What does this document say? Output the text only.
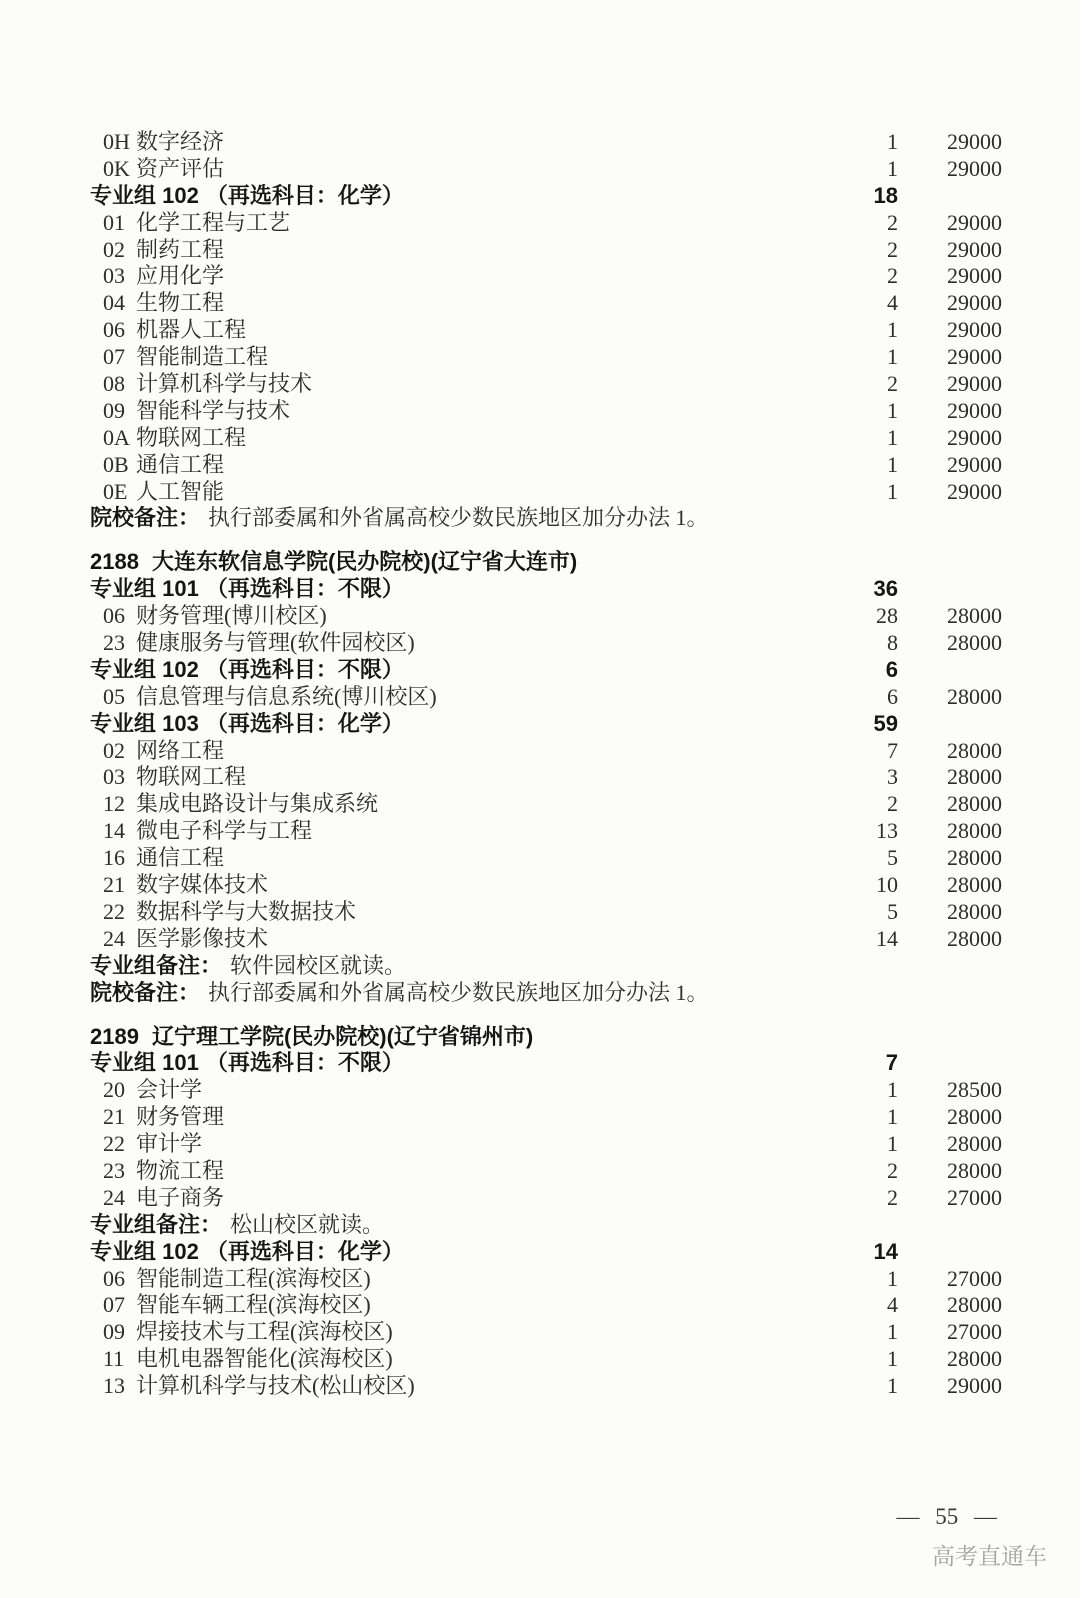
0H 数字经济	1	29000
0K 资产评估	1	29000
专业组 102 （再选科目：化学）	18
01 化学工程与工艺	2	29000
02 制药工程	2	29000
03 应用化学	2	29000
04 生物工程	4	29000
06 机器人工程	1	29000
07 智能制造工程	1	29000
08 计算机科学与技术	2	29000
09 智能科学与技术	1	29000
0A 物联网工程	1	29000
0B 通信工程	1	29000
0E 人工智能	1	29000
院校备注： 执行部委属和外省属高校少数民族地区加分办法 1。
2188 大连东软信息学院(民办院校)(辽宁省大连市)
专业组 101 （再选科目：不限）	36
06 财务管理(博川校区)	28	28000
23 健康服务与管理(软件园校区)	8	28000
专业组 102 （再选科目：不限）	6
05 信息管理与信息系统(博川校区)	6	28000
专业组 103 （再选科目：化学）	59
02 网络工程	7	28000
03 物联网工程	3	28000
12 集成电路设计与集成系统	2	28000
14 微电子科学与工程	13	28000
16 通信工程	5	28000
21 数字媒体技术	10	28000
22 数据科学与大数据技术	5	28000
24 医学影像技术	14	28000
专业组备注： 软件园校区就读。
院校备注： 执行部委属和外省属高校少数民族地区加分办法 1。
2189 辽宁理工学院(民办院校)(辽宁省锦州市)
专业组 101 （再选科目：不限）	7
20 会计学	1	28500
21 财务管理	1	28000
22 审计学	1	28000
23 物流工程	2	28000
24 电子商务	2	27000
专业组备注： 松山校区就读。
专业组 102 （再选科目：化学）	14
06 智能制造工程(滨海校区)	1	27000
07 智能车辆工程(滨海校区)	4	28000
09 焊接技术与工程(滨海校区)	1	27000
11 电机电器智能化(滨海校区)	1	28000
13 计算机科学与技术(松山校区)	1	29000
— 55 —
高考直通车
